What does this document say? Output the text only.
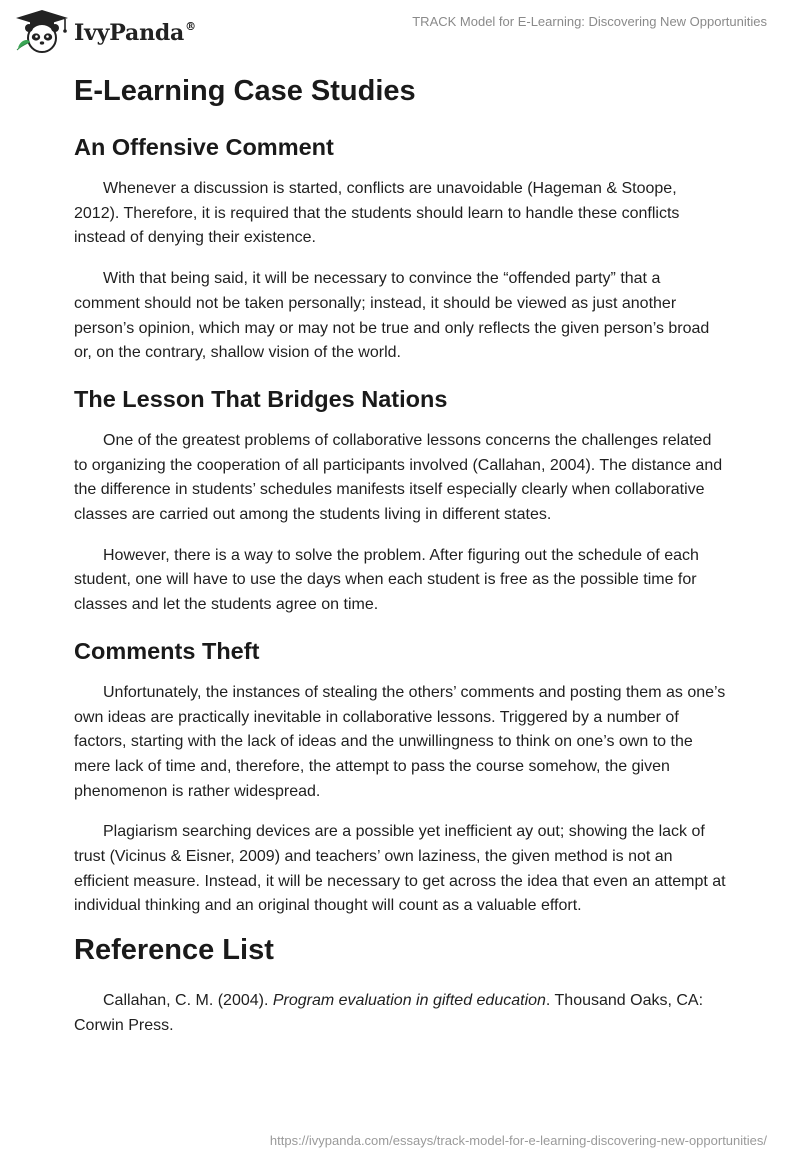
IvyPanda®	TRACK Model for E-Learning: Discovering New Opportunities
E-Learning Case Studies
An Offensive Comment

Whenever a discussion is started, conflicts are unavoidable (Hageman & Stoope, 2012). Therefore, it is required that the students should learn to handle these conflicts instead of denying their existence.

With that being said, it will be necessary to convince the “offended party” that a comment should not be taken personally; instead, it should be viewed as just another person’s opinion, which may or may not be true and only reflects the given person’s broad or, on the contrary, shallow vision of the world.

The Lesson That Bridges Nations

One of the greatest problems of collaborative lessons concerns the challenges related to organizing the cooperation of all participants involved (Callahan, 2004). The distance and the difference in students’ schedules manifests itself especially clearly when collaborative classes are carried out among the students living in different states.

However, there is a way to solve the problem. After figuring out the schedule of each student, one will have to use the days when each student is free as the possible time for classes and let the students agree on time.

Comments Theft

Unfortunately, the instances of stealing the others’ comments and posting them as one’s own ideas are practically inevitable in collaborative lessons. Triggered by a number of factors, starting with the lack of ideas and the unwillingness to think on one’s own to the mere lack of time and, therefore, the attempt to pass the course somehow, the given phenomenon is rather widespread.

Plagiarism searching devices are a possible yet inefficient ay out; showing the lack of trust (Vicinus & Eisner, 2009) and teachers’ own laziness, the given method is not an efficient measure. Instead, it will be necessary to get across the idea that even an attempt at individual thinking and an original thought will count as a valuable effort.

Reference List

Callahan, C. M. (2004). Program evaluation in gifted education. Thousand Oaks, CA: Corwin Press.

https://ivypanda.com/essays/track-model-for-e-learning-discovering-new-opportunities/
